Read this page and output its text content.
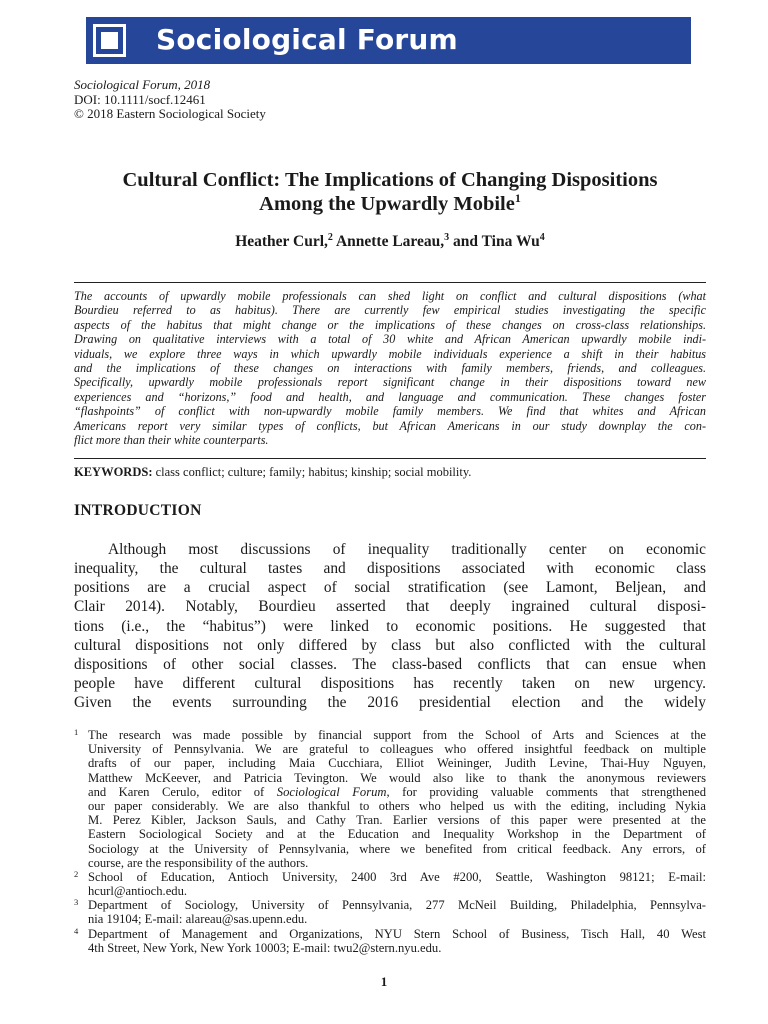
Sociological Forum
Sociological Forum, 2018
DOI: 10.1111/socf.12461
© 2018 Eastern Sociological Society
Cultural Conflict: The Implications of Changing Dispositions
Among the Upwardly Mobile$^1$
Heather Curl,$^2$ Annette Lareau,$^3$ and Tina Wu$^4$
The accounts of upwardly mobile professionals can shed light on conflict and cultural dispositions (what
Bourdieu referred to as habitus). There are currently few empirical studies investigating the specific
aspects of the habitus that might change or the implications of these changes on cross-class relationships.
Drawing on qualitative interviews with a total of 30 white and African American upwardly mobile indi-
viduals, we explore three ways in which upwardly mobile individuals experience a shift in their habitus
and the implications of these changes on interactions with family members, friends, and colleagues.
Specifically, upwardly mobile professionals report significant change in their dispositions toward new
experiences and “horizons,” food and health, and language and communication. These changes foster
“flashpoints” of conflict with non-upwardly mobile family members. We find that whites and African
Americans report very similar types of conflicts, but African Americans in our study downplay the con-
flict more than their white counterparts.
KEYWORDS: class conflict; culture; family; habitus; kinship; social mobility.
INTRODUCTION
Although most discussions of inequality traditionally center on economic
inequality, the cultural tastes and dispositions associated with economic class
positions are a crucial aspect of social stratification (see Lamont, Beljean, and
Clair 2014). Notably, Bourdieu asserted that deeply ingrained cultural disposi-
tions (i.e., the “habitus”) were linked to economic positions. He suggested that
cultural dispositions not only differed by class but also conflicted with the cultural
dispositions of other social classes. The class-based conflicts that can ensue when
people have different cultural dispositions has recently taken on new urgency.
Given the events surrounding the 2016 presidential election and the widely
1 The research was made possible by financial support from the School of Arts and Sciences at the
University of Pennsylvania. We are grateful to colleagues who offered insightful feedback on multiple
drafts of our paper, including Maia Cucchiara, Elliot Weininger, Judith Levine, Thai-Huy Nguyen,
Matthew McKeever, and Patricia Tevington. We would also like to thank the anonymous reviewers
and Karen Cerulo, editor of Sociological Forum, for providing valuable comments that strengthened
our paper considerably. We are also thankful to others who helped us with the editing, including Nykia
M. Perez Kibler, Jackson Sauls, and Cathy Tran. Earlier versions of this paper were presented at the
Eastern Sociological Society and at the Education and Inequality Workshop in the Department of
Sociology at the University of Pennsylvania, where we benefited from critical feedback. Any errors, of
course, are the responsibility of the authors.
2 School of Education, Antioch University, 2400 3rd Ave #200, Seattle, Washington 98121; E-mail:
hcurl@antioch.edu.
3 Department of Sociology, University of Pennsylvania, 277 McNeil Building, Philadelphia, Pennsylva-
nia 19104; E-mail: alareau@sas.upenn.edu.
4 Department of Management and Organizations, NYU Stern School of Business, Tisch Hall, 40 West
4th Street, New York, New York 10003; E-mail: twu2@stern.nyu.edu.
1
